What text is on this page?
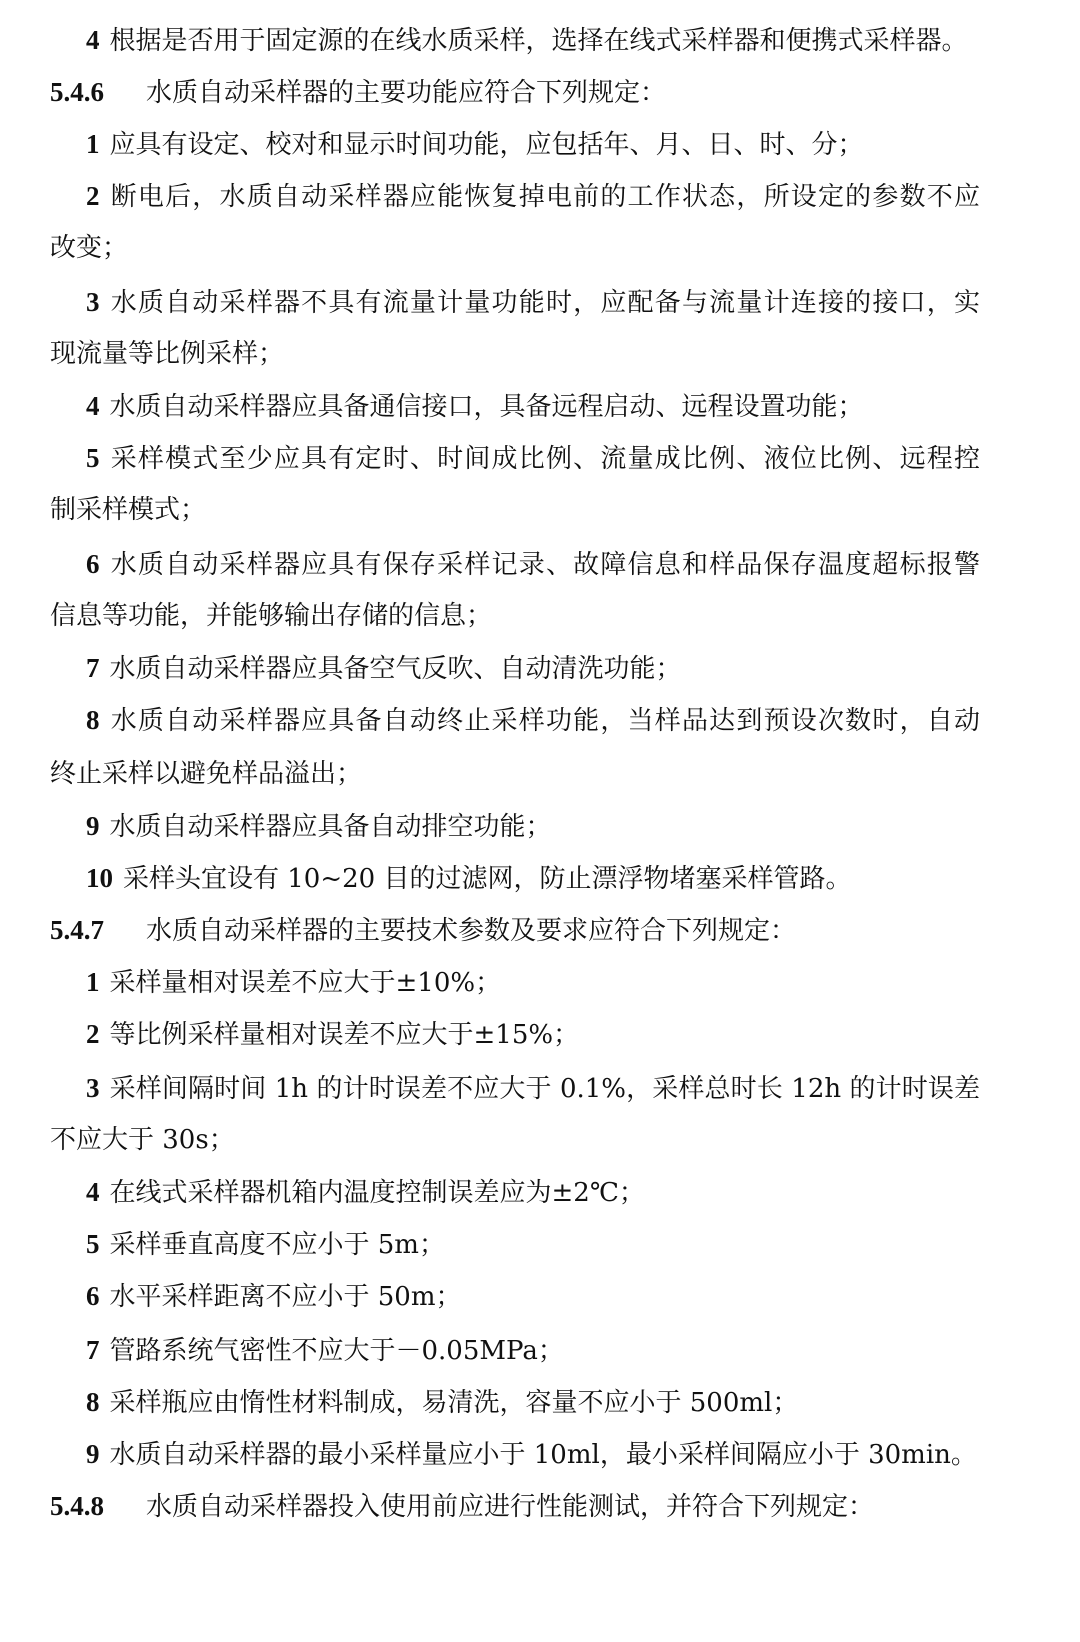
4 根据是否用于固定源的在线水质采样，选择在线式采样器和便携式采样器。
5.4.6 水质自动采样器的主要功能应符合下列规定：
1 应具有设定、校对和显示时间功能，应包括年、月、日、时、分；
2 断电后，水质自动采样器应能恢复掉电前的工作状态，所设定的参数不应
改变；
3 水质自动采样器不具有流量计量功能时，应配备与流量计连接的接口，实
现流量等比例采样；
4 水质自动采样器应具备通信接口，具备远程启动、远程设置功能；
5 采样模式至少应具有定时、时间成比例、流量成比例、液位比例、远程控
制采样模式；
6 水质自动采样器应具有保存采样记录、故障信息和样品保存温度超标报警
信息等功能，并能够输出存储的信息；
7 水质自动采样器应具备空气反吹、自动清洗功能；
8 水质自动采样器应具备自动终止采样功能，当样品达到预设次数时，自动
终止采样以避免样品溢出；
9 水质自动采样器应具备自动排空功能；
10 采样头宜设有 10~20 目的过滤网，防止漂浮物堵塞采样管路。
5.4.7 水质自动采样器的主要技术参数及要求应符合下列规定：
1 采样量相对误差不应大于±10%；
2 等比例采样量相对误差不应大于±15%；
3 采样间隔时间 1h 的计时误差不应大于 0.1%，采样总时长 12h 的计时误差
不应大于 30s；
4 在线式采样器机箱内温度控制误差应为±2℃；
5 采样垂直高度不应小于 5m；
6 水平采样距离不应小于 50m；
7 管路系统气密性不应大于－0.05MPa；
8 采样瓶应由惰性材料制成，易清洗，容量不应小于 500ml；
9 水质自动采样器的最小采样量应小于 10ml，最小采样间隔应小于 30min。
5.4.8 水质自动采样器投入使用前应进行性能测试，并符合下列规定：
